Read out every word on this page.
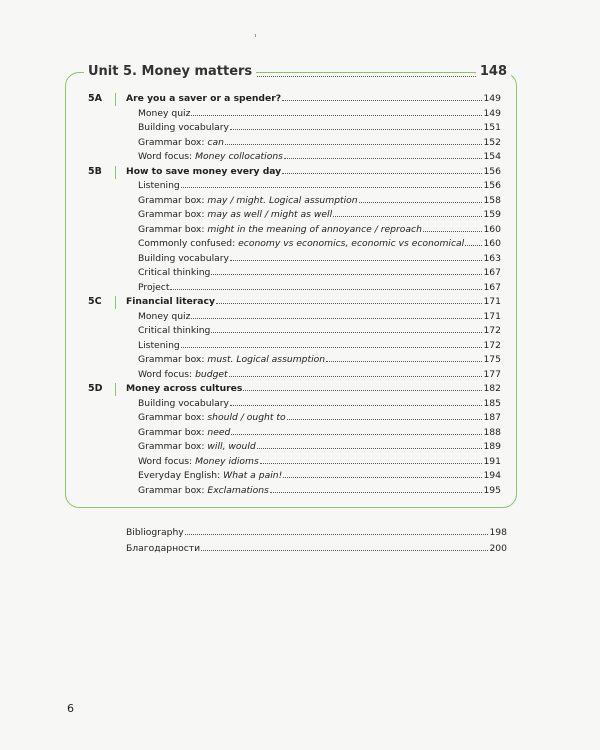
Unit 5. Money matters	148
5A	Are you a saver or a spender?	149
Money quiz	149
Building vocabulary	151
Grammar box: can	152
Word focus: Money collocations	154
5B	How to save money every day	156
Listening	156
Grammar box: may / might. Logical assumption	158
Grammar box: may as well / might as well	159
Grammar box: might in the meaning of annoyance / reproach	160
Commonly confused: economy vs economics, economic vs economical 160
Building vocabulary	163
Critical thinking	167
Project	167
5C	Financial literacy	171
Money quiz	171
Critical thinking	172
Listening	172
Grammar box: must. Logical assumption	175
Word focus: budget	177
5D	Money across cultures	182
Building vocabulary	185
Grammar box: should / ought to	187
Grammar box: need	188
Grammar box: will, would	189
Word focus: Money idioms	191
Everyday English: What a pain!	194
Grammar box: Exclamations	195
Bibliography	198
Благодарности	200
6
